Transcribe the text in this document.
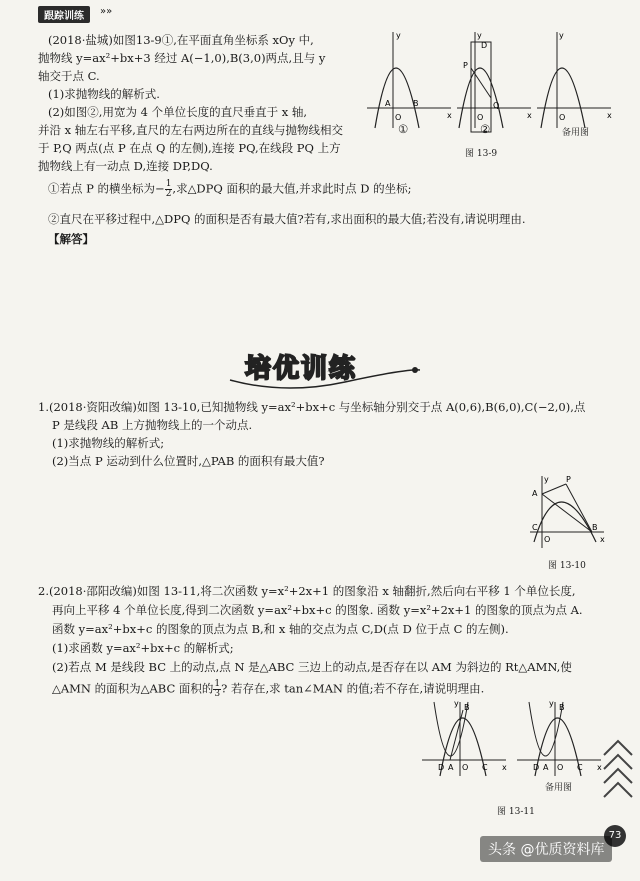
跟踪训练	»»
(2018·盐城)如图13-9①,在平面直角坐标系 xOy 中,
抛物线 y=ax²+bx+3 经过 A(−1,0),B(3,0)两点,且与 y
轴交于点 C.
(1)求抛物线的解析式.
(2)如图②,用宽为 4 个单位长度的直尺垂直于 x 轴,
并沿 x 轴左右平移,直尺的左右两边所在的直线与抛物线相交
于 P,Q 两点(点 P 在点 Q 的左侧),连接 PQ,在线段 PQ 上方
抛物线上有一动点 D,连接 DP,DQ.
①若点 P 的横坐标为− $\frac{1}{2}$ ,求△DPQ 面积的最大值,并求此时点 D 的坐标;
②直尺在平移过程中,△DPQ 的面积是否有最大值?若有,求出面积的最大值;若没有,请说明理由.
【解答】
A
O
B
x
y
①
P
Q
D
O	x
y
②
O	x
y
备用图
图 13-9
培优训练
1.(2018·资阳改编)如图 13-10,已知抛物线 y=ax²+bx+c 与坐标轴分别交于点 A(0,6),B(6,0),C(−2,0),点
P 是线段 AB 上方抛物线上的一个动点.
(1)求抛物线的解析式;
(2)当点 P 运动到什么位置时,△PAB 的面积有最大值?
A
P
B
C
O	x
y
图 13-10
2.(2018·邵阳改编)如图 13-11,将二次函数 y=x²+2x+1 的图象沿 x 轴翻折,然后向右平移 1 个单位长度,
再向上平移 4 个单位长度,得到二次函数 y=ax²+bx+c 的图象. 函数 y=x²+2x+1 的图象的顶点为点 A.
函数 y=ax²+bx+c 的图象的顶点为点 B,和 x 轴的交点为点 C,D(点 D 位于点 C 的左侧).
(1)求函数 y=ax²+bx+c 的解析式;
(2)若点 M 是线段 BC 上的动点,点 N 是△ABC 三边上的动点,是否存在以 AM 为斜边的 Rt△AMN,使
△AMN 的面积为△ABC 面积的 $\frac{1}{3}$ ? 若存在,求 tan∠MAN 的值;若不存在,请说明理由.
D A O C
B
y
x	D A O C
B
y
x
备用图
图 13-11
73
头条 @优质资料库
